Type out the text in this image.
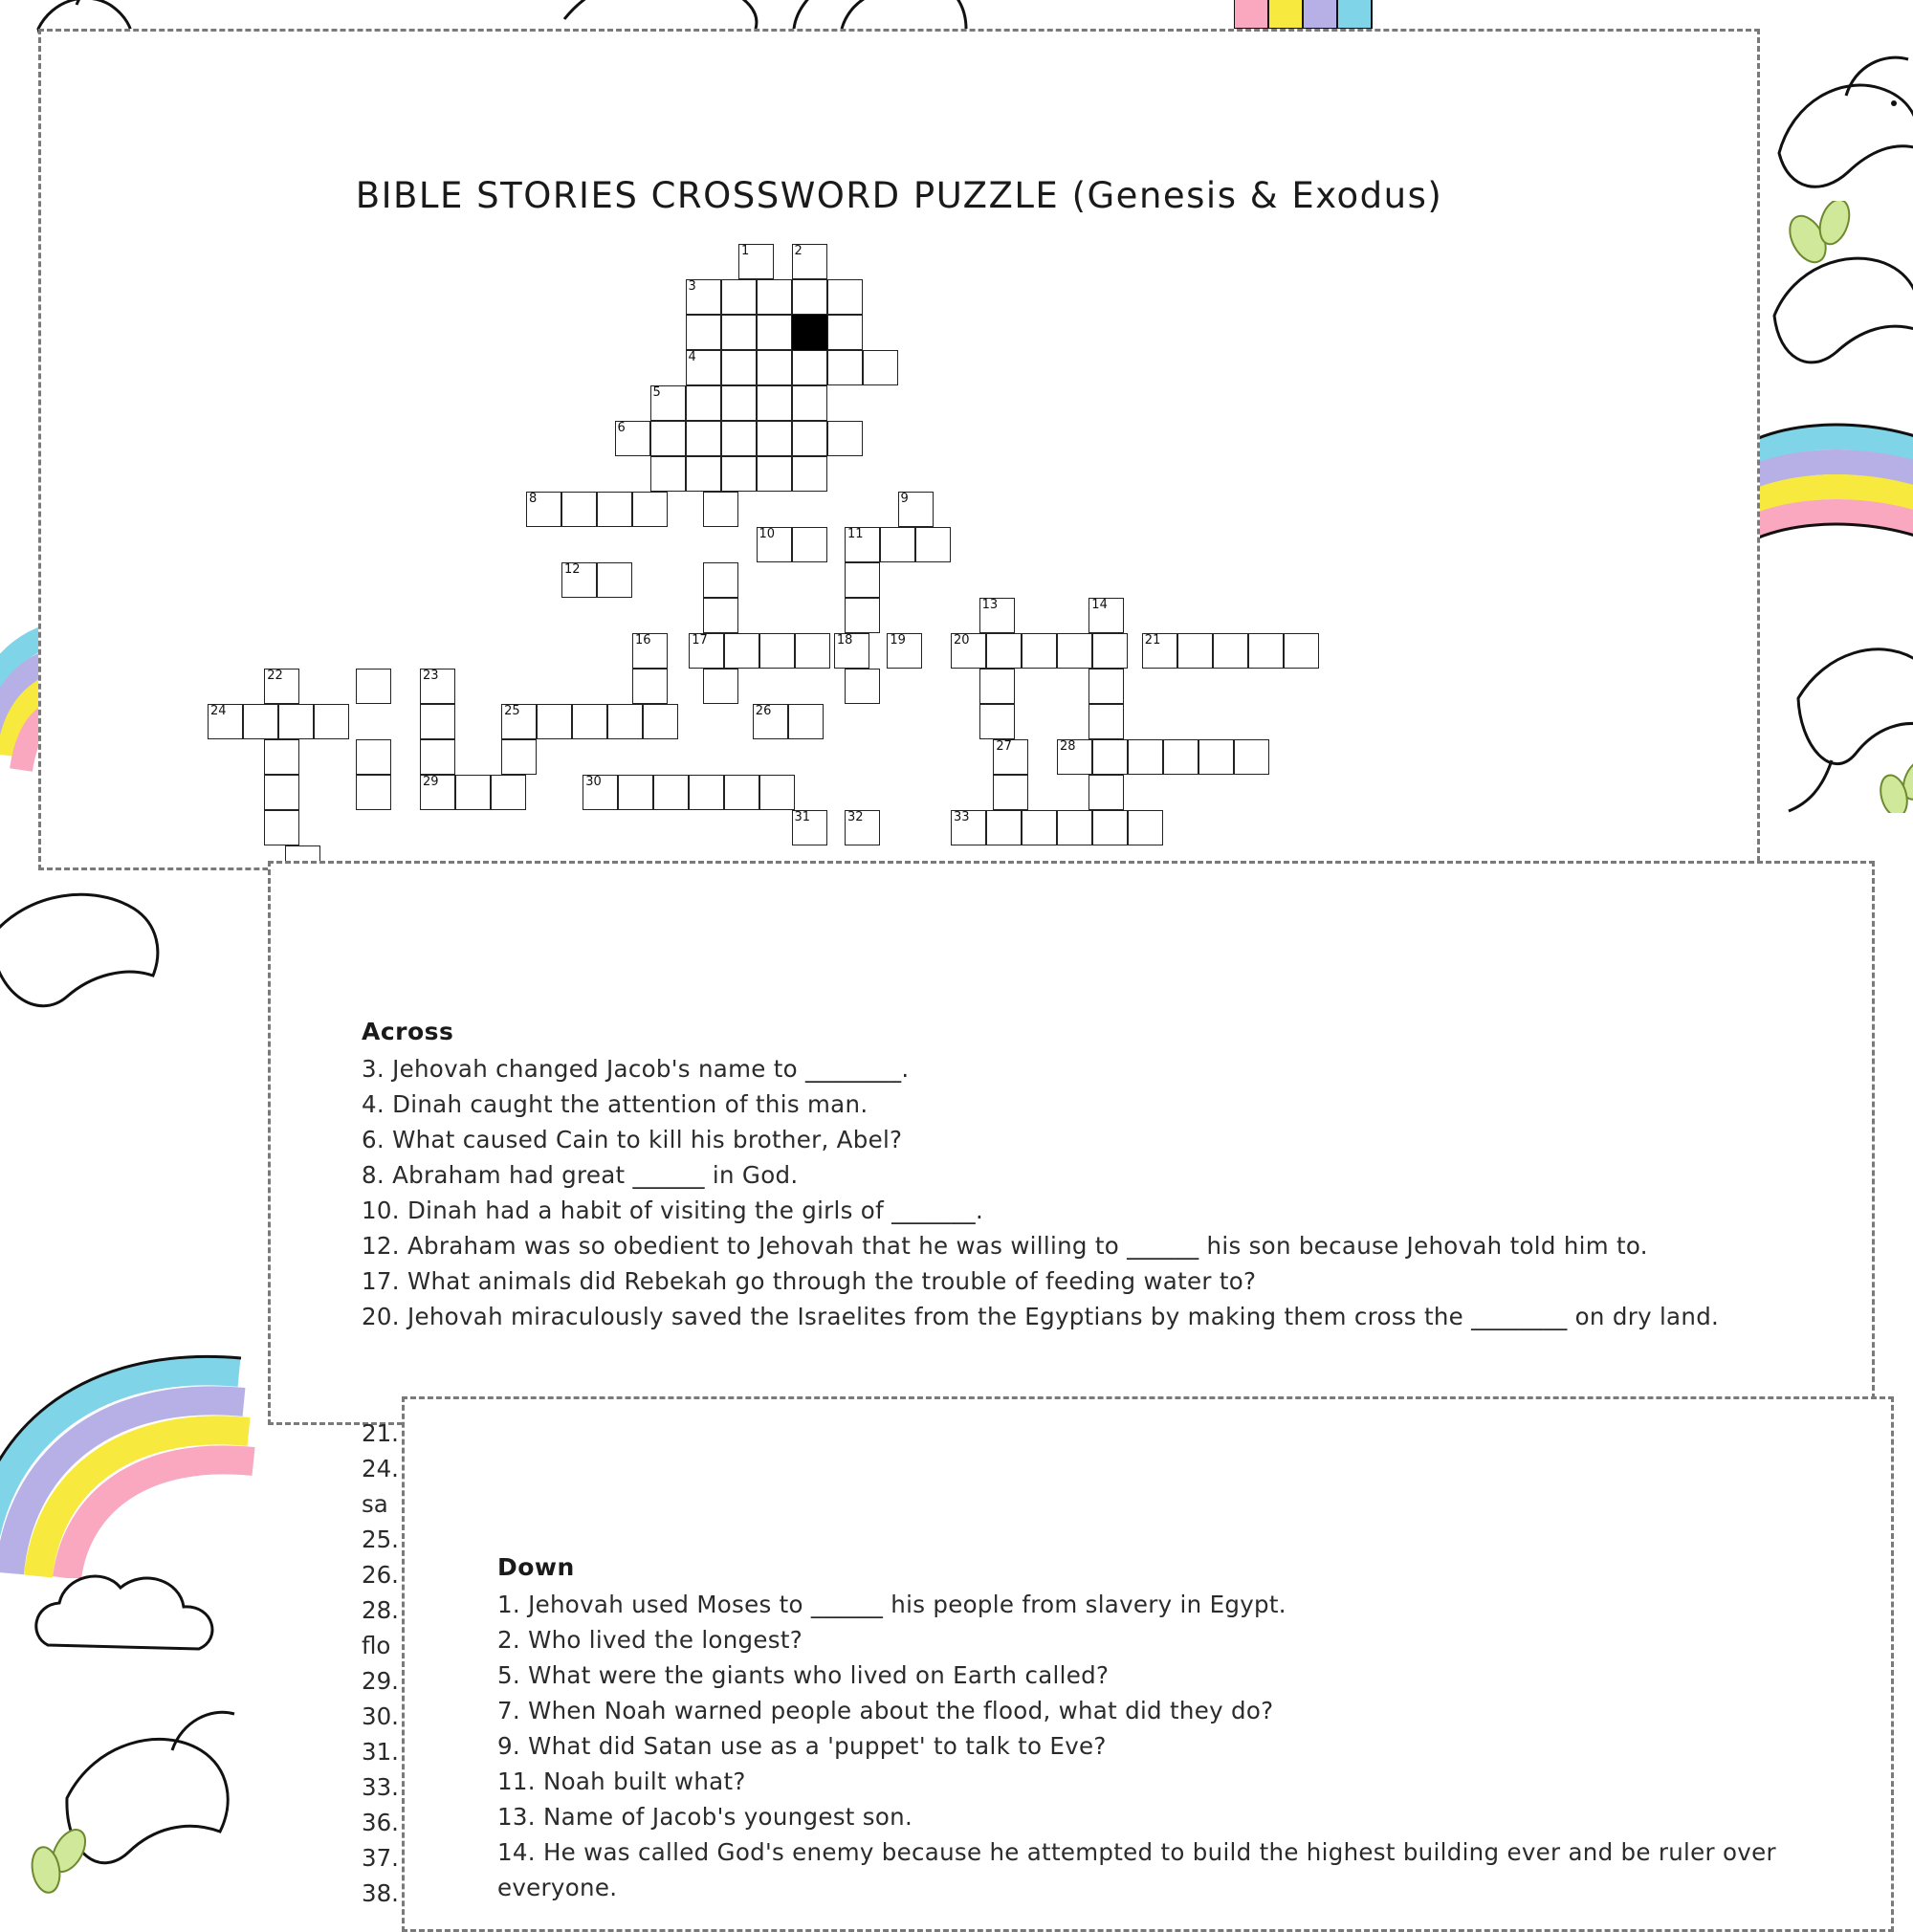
BIBLE STORIES CROSSWORD PUZZLE (Genesis & Exodus)
1	2
3
4
5
6
8	9
10	11
12
13	14
16	17	18	19	20	21
22	23
24	25	26
27	28
29	30
31	32	33
Across

3. Jehovah changed Jacob's name to ________.

4. Dinah caught the attention of this man.

6. What caused Cain to kill his brother, Abel?

8. Abraham had great ______ in God.

10. Dinah had a habit of visiting the girls of _______.

12. Abraham was so obedient to Jehovah that he was willing to ______ his son because Jehovah told him to.

17. What animals did Rebekah go through the trouble of feeding water to?

20. Jehovah miraculously saved the Israelites from the Egyptians by making them cross the ________ on dry land.

21.

24.

sa

25.

26.

28.

flo

29.

30.

31.

33.

36.

37.

38.

Down

1. Jehovah used Moses to ______ his people from slavery in Egypt.

2. Who lived the longest?

5. What were the giants who lived on Earth called?

7. When Noah warned people about the flood, what did they do?

9. What did Satan use as a 'puppet' to talk to Eve?

11. Noah built what?

13. Name of Jacob's youngest son.

14. He was called God's enemy because he attempted to build the highest building ever and be ruler over everyone.
